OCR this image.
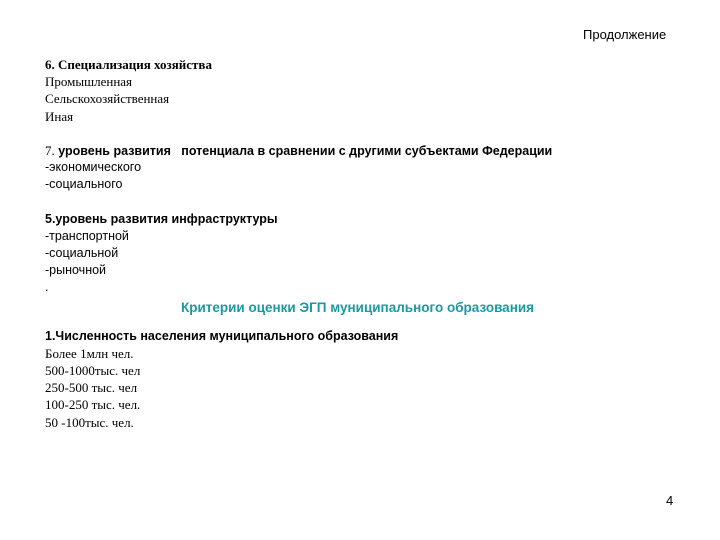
Продолжение
6. Специализация хозяйства
Промышленная
Сельскохозяйственная
Иная
7. уровень развития   потенциала в сравнении с другими субъектами Федерации
-экономического
-социального
5.уровень развития инфраструктуры
-транспортной
-социальной
-рыночной
.
Критерии оценки ЭГП муниципального образования
1.Численность населения муниципального образования
Более 1млн чел.
500-1000тыс. чел
250-500 тыс. чел
100-250 тыс. чел.
50 -100тыс. чел.
4
